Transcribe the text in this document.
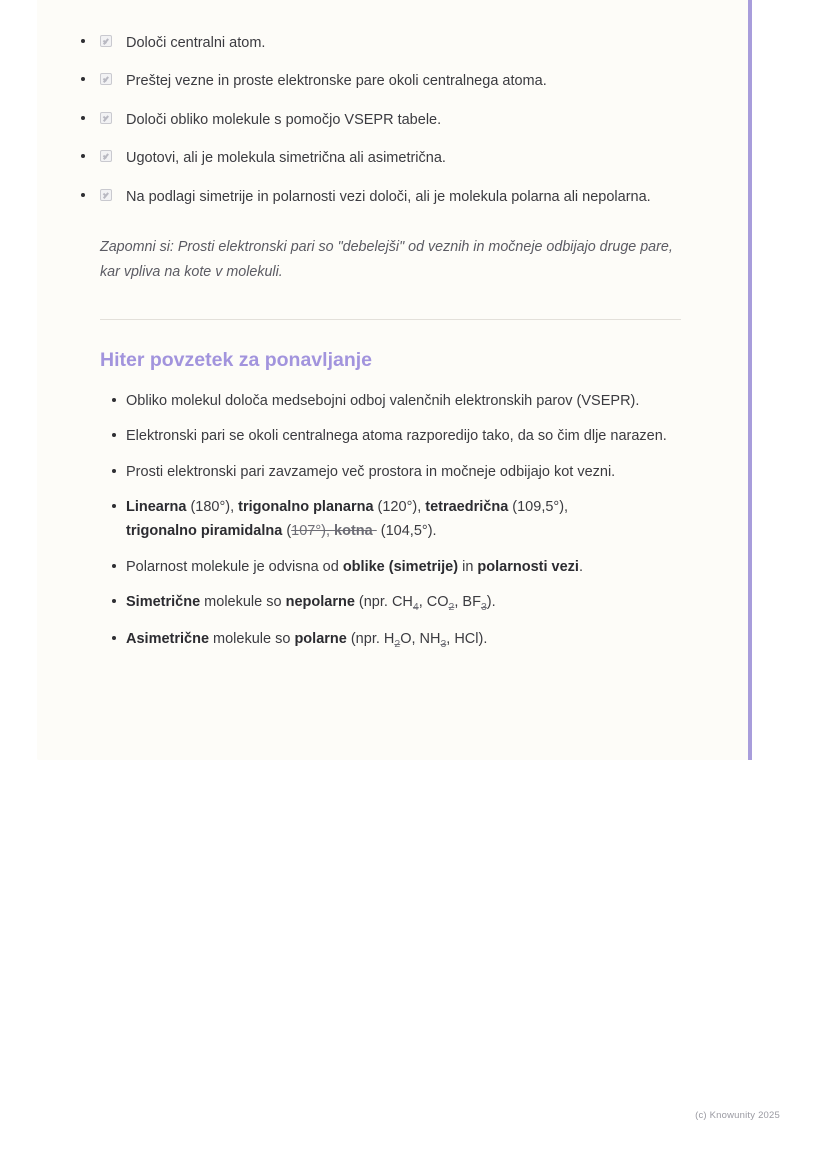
Določi centralni atom.
Preštej vezne in proste elektronske pare okoli centralnega atoma.
Določi obliko molekule s pomočjo VSEPR tabele.
Ugotovi, ali je molekula simetrična ali asimetrična.
Na podlagi simetrije in polarnosti vezi določi, ali je molekula polarna ali nepolarna.

Zapomni si: Prosti elektronski pari so "debelejši" od veznih in močneje odbijajo druge pare, kar vpliva na kote v molekuli.

Hiter povzetek za ponavljanje
Obliko molekul določa medsebojni odboj valenčnih elektronskih parov (VSEPR).
Elektronski pari se okoli centralnega atoma razporedijo tako, da so čim dlje narazen.
Prosti elektronski pari zavzamejo več prostora in močneje odbijajo kot vezni.
Linearna (180°), trigonalno planarna (120°), tetraedrična (109,5°),
trigonalno piramidalna (107°), kotna  (104,5°).
Polarnost molekule je odvisna od oblike (simetrije) in polarnosti vezi.
Simetrične molekule so nepolarne (npr. $CH_4$, $CO_2$, $BF_3$).
Asimetrične molekule so polarne (npr. $H_2O$, $NH_3$, HCl).
(c) Knowunity 2025
